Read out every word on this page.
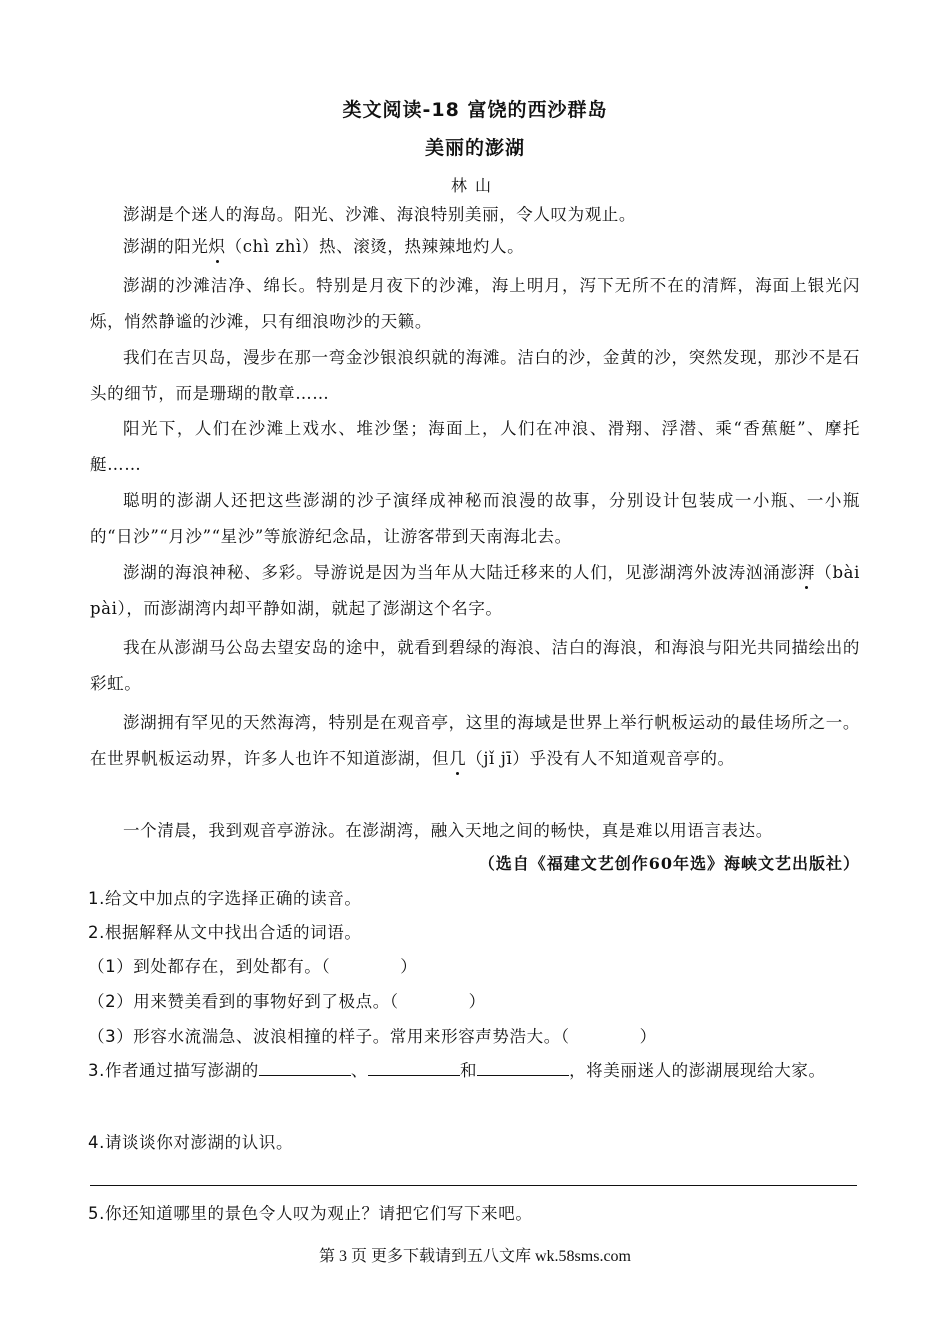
类文阅读-18 富饶的西沙群岛
美丽的澎湖
林山
澎湖是个迷人的海岛。阳光、沙滩、海浪特别美丽，令人叹为观止。
澎湖的阳光炽（chì zhì）热、滚烫，热辣辣地灼人。
澎湖的沙滩洁净、绵长。特别是月夜下的沙滩，海上明月，泻下无所不在的清辉，海面上银光闪烁，悄然静谧的沙滩，只有细浪吻沙的天籁。
我们在吉贝岛，漫步在那一弯金沙银浪织就的海滩。洁白的沙，金黄的沙，突然发现，那沙不是石头的细节，而是珊瑚的散章……
阳光下，人们在沙滩上戏水、堆沙堡；海面上，人们在冲浪、滑翔、浮潜、乘“香蕉艇”、摩托艇……
聪明的澎湖人还把这些澎湖的沙子演绎成神秘而浪漫的故事，分别设计包装成一小瓶、一小瓶的“日沙”“月沙”“星沙”等旅游纪念品，让游客带到天南海北去。
澎湖的海浪神秘、多彩。导游说是因为当年从大陆迁移来的人们，见澎湖湾外波涛汹涌澎湃（bài pài），而澎湖湾内却平静如湖，就起了澎湖这个名字。
我在从澎湖马公岛去望安岛的途中，就看到碧绿的海浪、洁白的海浪，和海浪与阳光共同描绘出的彩虹。
澎湖拥有罕见的天然海湾，特别是在观音亭，这里的海域是世界上举行帆板运动的最佳场所之一。在世界帆板运动界，许多人也许不知道澎湖，但几（jǐ jī）乎没有人不知道观音亭的。
一个清晨，我到观音亭游泳。在澎湖湾，融入天地之间的畅快，真是难以用语言表达。
（选自《福建文艺创作60年选》海峡文艺出版社）
1.给文中加点的字选择正确的读音。
2.根据解释从文中找出合适的词语。
（1）到处都存在，到处都有。（	）
（2）用来赞美看到的事物好到了极点。（	）
（3）形容水流湍急、波浪相撞的样子。常用来形容声势浩大。（	）
3.作者通过描写澎湖的	、	和	，将美丽迷人的澎湖展现给大家。
4.请谈谈你对澎湖的认识。
5.你还知道哪里的景色令人叹为观止？请把它们写下来吧。
第 3 页 更多下载请到五八文库 wk.58sms.com
